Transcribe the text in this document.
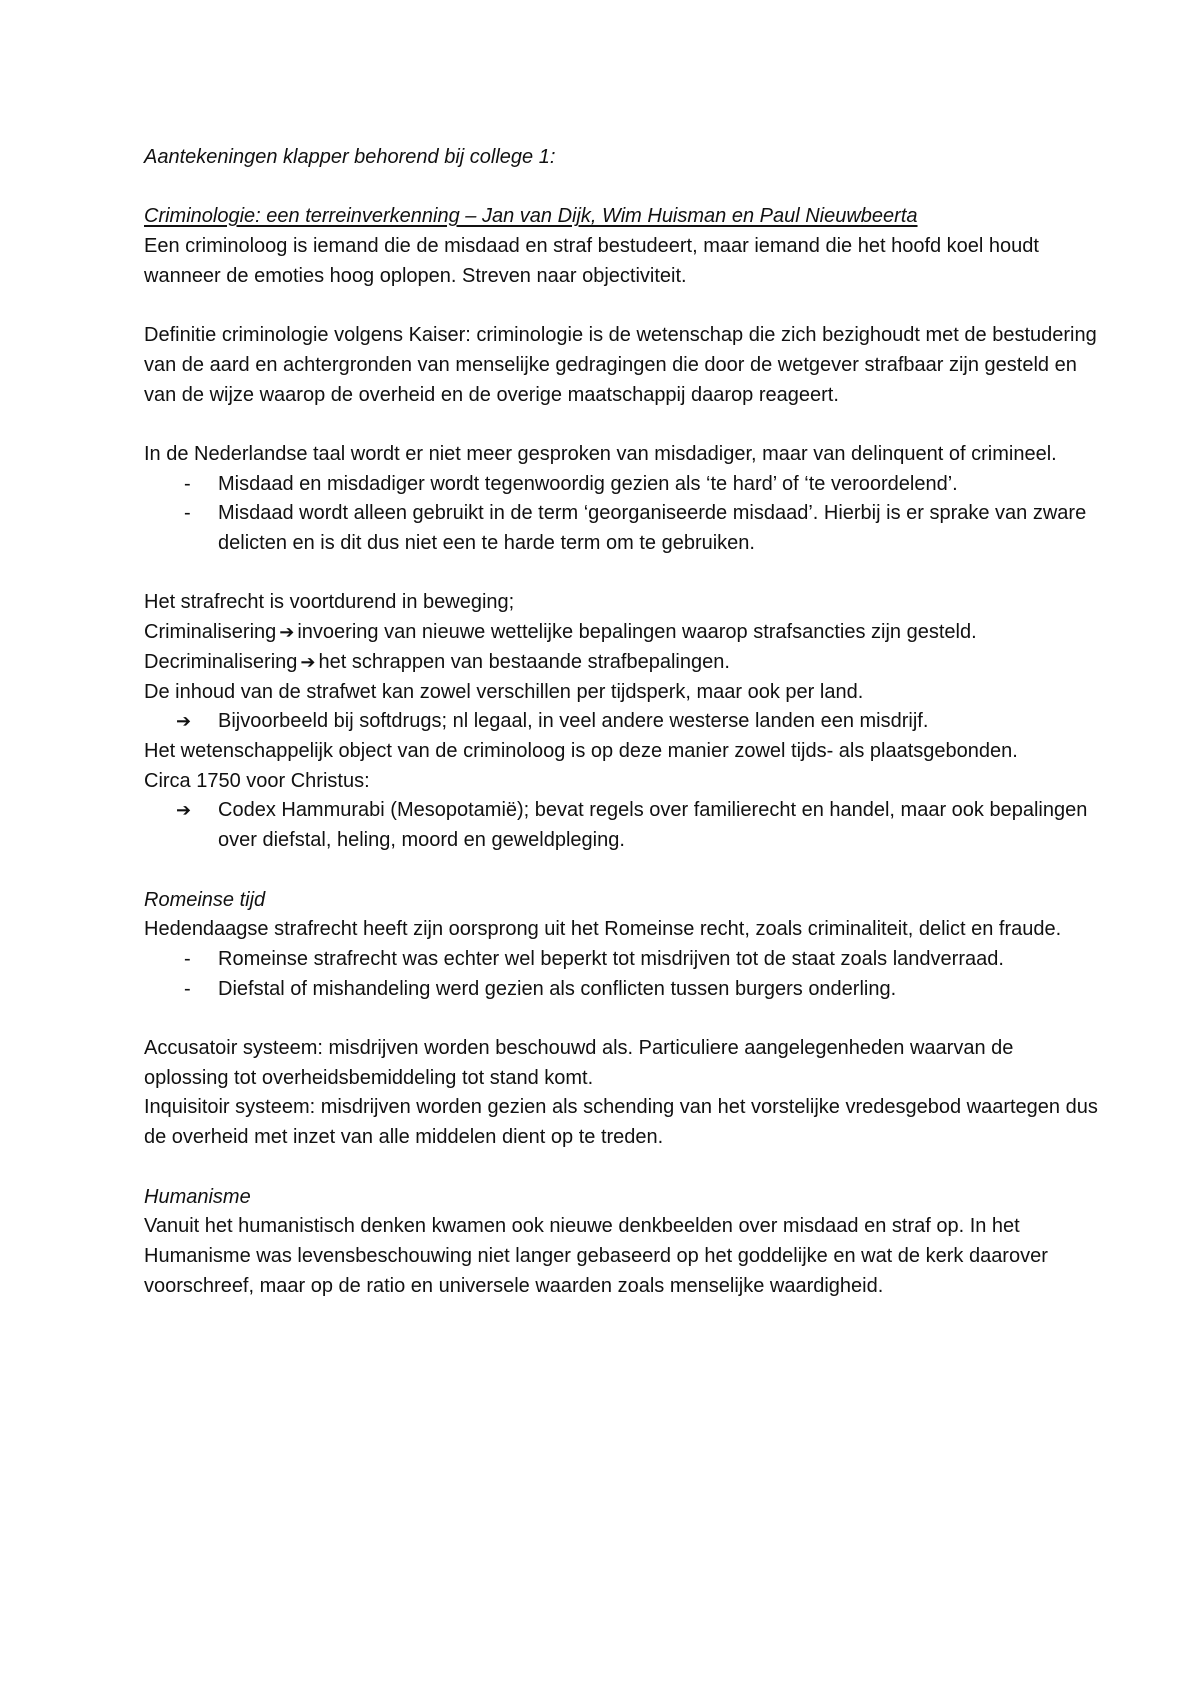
Aantekeningen klapper behorend bij college 1:

Criminologie: een terreinverkenning – Jan van Dijk, Wim Huisman en Paul Nieuwbeerta

Een criminoloog is iemand die de misdaad en straf bestudeert, maar iemand die het hoofd koel houdt wanneer de emoties hoog oplopen. Streven naar objectiviteit.

Definitie criminologie volgens Kaiser: criminologie is de wetenschap die zich bezighoudt met de bestudering van de aard en achtergronden van menselijke gedragingen die door de wetgever strafbaar zijn gesteld en van de wijze waarop de overheid en de overige maatschappij daarop reageert.

In de Nederlandse taal wordt er niet meer gesproken van misdadiger, maar van delinquent of crimineel.

-	Misdaad en misdadiger wordt tegenwoordig gezien als ‘te hard’ of ‘te veroordelend’.
-	Misdaad wordt alleen gebruikt in de term ‘georganiseerde misdaad’. Hierbij is er sprake van zware delicten en is dit dus niet een te harde term om te gebruiken.

Het strafrecht is voortdurend in beweging;

Criminalisering ➔ invoering van nieuwe wettelijke bepalingen waarop strafsancties zijn gesteld.

Decriminalisering ➔ het schrappen van bestaande strafbepalingen.

De inhoud van de strafwet kan zowel verschillen per tijdsperk, maar ook per land.

➔	Bijvoorbeeld bij softdrugs; nl legaal, in veel andere westerse landen een misdrijf.

Het wetenschappelijk object van de criminoloog is op deze manier zowel tijds- als plaatsgebonden.

Circa 1750 voor Christus:

➔	Codex Hammurabi (Mesopotamië); bevat regels over familierecht en handel, maar ook bepalingen over diefstal, heling, moord en geweldpleging.

Romeinse tijd

Hedendaagse strafrecht heeft zijn oorsprong uit het Romeinse recht, zoals criminaliteit, delict en fraude.

-	Romeinse strafrecht was echter wel beperkt tot misdrijven tot de staat zoals landverraad.
-	Diefstal of mishandeling werd gezien als conflicten tussen burgers onderling.

Accusatoir systeem: misdrijven worden beschouwd als. Particuliere aangelegenheden waarvan de oplossing tot overheidsbemiddeling tot stand komt.

Inquisitoir systeem: misdrijven worden gezien als schending van het vorstelijke vredesgebod waartegen dus de overheid met inzet van alle middelen dient op te treden.

Humanisme

Vanuit het humanistisch denken kwamen ook nieuwe denkbeelden over misdaad en straf op. In het Humanisme was levensbeschouwing niet langer gebaseerd op het goddelijke en wat de kerk daarover voorschreef, maar op de ratio en universele waarden zoals menselijke waardigheid.
